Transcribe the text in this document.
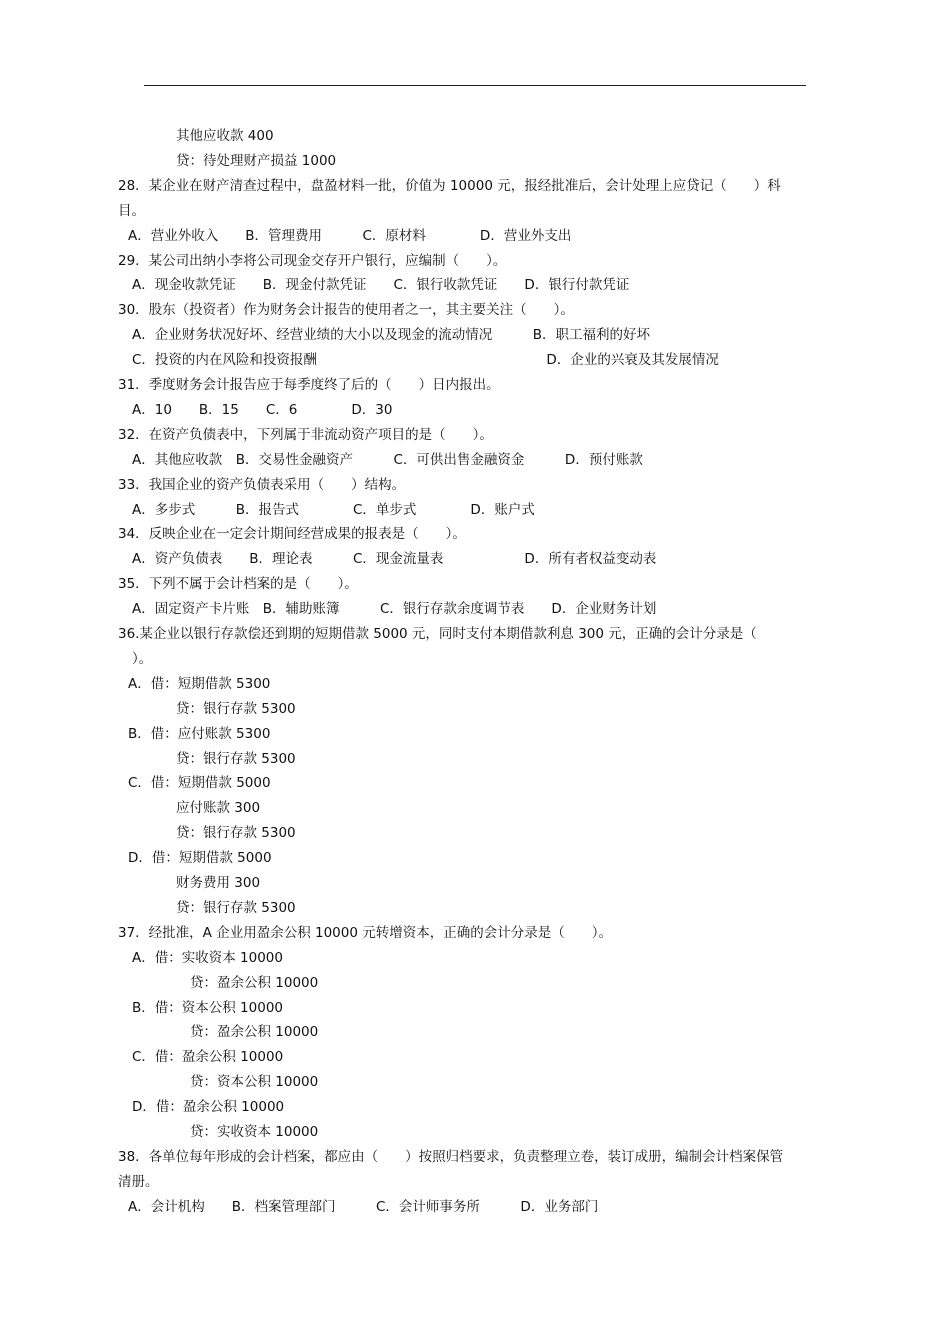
其他应收款 400
贷：待处理财产损益 1000
28．某企业在财产清查过程中，盘盈材料一批，价值为 10000 元，报经批准后，会计处理上应贷记（　　）科
目。
A．营业外收入　　B．管理费用　　　C．原材料　　　　D．营业外支出
29．某公司出纳小李将公司现金交存开户银行，应编制（　　）。
A．现金收款凭证　　B．现金付款凭证　　C．银行收款凭证　　D．银行付款凭证
30．股东（投资者）作为财务会计报告的使用者之一，其主要关注（　　）。
A．企业财务状况好坏、经营业绩的大小以及现金的流动情况　　　B．职工福利的好坏
C．投资的内在风险和投资报酬　　　　　　　　　　　　　　　　　D．企业的兴衰及其发展情况
31．季度财务会计报告应于每季度终了后的（　　）日内报出。
A．10　　B．15　　C．6　　　　D．30
32．在资产负债表中，下列属于非流动资产项目的是（　　）。
A．其他应收款　B．交易性金融资产　　　C．可供出售金融资金　　　D．预付账款
33．我国企业的资产负债表采用（　　）结构。
A．多步式　　　B．报告式　　　　C．单步式　　　　D．账户式
34．反映企业在一定会计期间经营成果的报表是（　　）。
A．资产负债表　　B．理论表　　　C．现金流量表　　　　　　D．所有者权益变动表
35．下列不属于会计档案的是（　　）。
A．固定资产卡片账　B．辅助账簿　　　C．银行存款余度调节表　　D．企业财务计划
36.某企业以银行存款偿还到期的短期借款 5000 元，同时支付本期借款利息 300 元，正确的会计分录是（
）。
A．借：短期借款 5300
贷：银行存款 5300
B．借：应付账款 5300
贷：银行存款 5300
C．借：短期借款 5000
应付账款 300
贷：银行存款 5300
D．借：短期借款 5000
财务费用 300
贷：银行存款 5300
37．经批准，A 企业用盈余公积 10000 元转增资本，正确的会计分录是（　　）。
A．借：实收资本 10000
贷：盈余公积 10000
B．借：资本公积 10000
贷：盈余公积 10000
C．借：盈余公积 10000
贷：资本公积 10000
D．借：盈余公积 10000
贷：实收资本 10000
38．各单位每年形成的会计档案，都应由（　　）按照归档要求，负责整理立卷，装订成册，编制会计档案保管
清册。
A．会计机构　　B．档案管理部门　　　C．会计师事务所　　　D．业务部门
